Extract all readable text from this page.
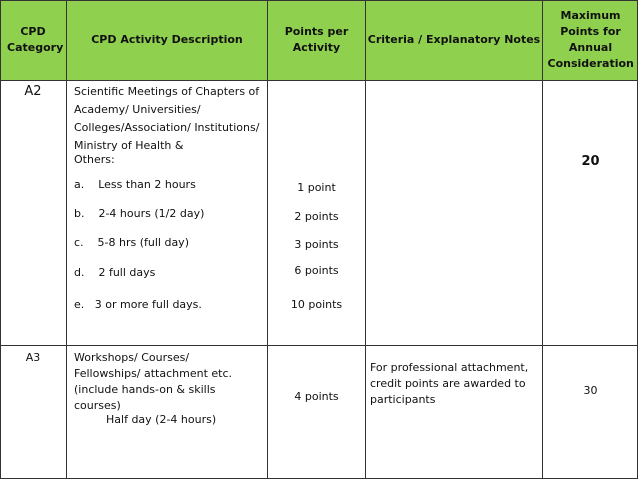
CPD Category
CPD Activity Description
Points per Activity
Criteria / Explanatory Notes
Maximum Points for Annual Consideration
A2	Scientific Meetings of Chapters of
Academy/ Universities/
Colleges/Association/ Institutions/
Ministry of Health &
Others:
a.    Less than 2 hours
b.    2-4 hours (1/2 day)
c.    5-8 hrs (full day)
d.    2 full days
e.   3 or more full days.
1 point
2 points
3 points
6 points
10 points
20
A3	Workshops/ Courses/
Fellowships/ attachment etc.
(include hands-on & skills
courses)
Half day (2-4 hours)
4 points
For professional attachment,
credit points are awarded to
participants
30
